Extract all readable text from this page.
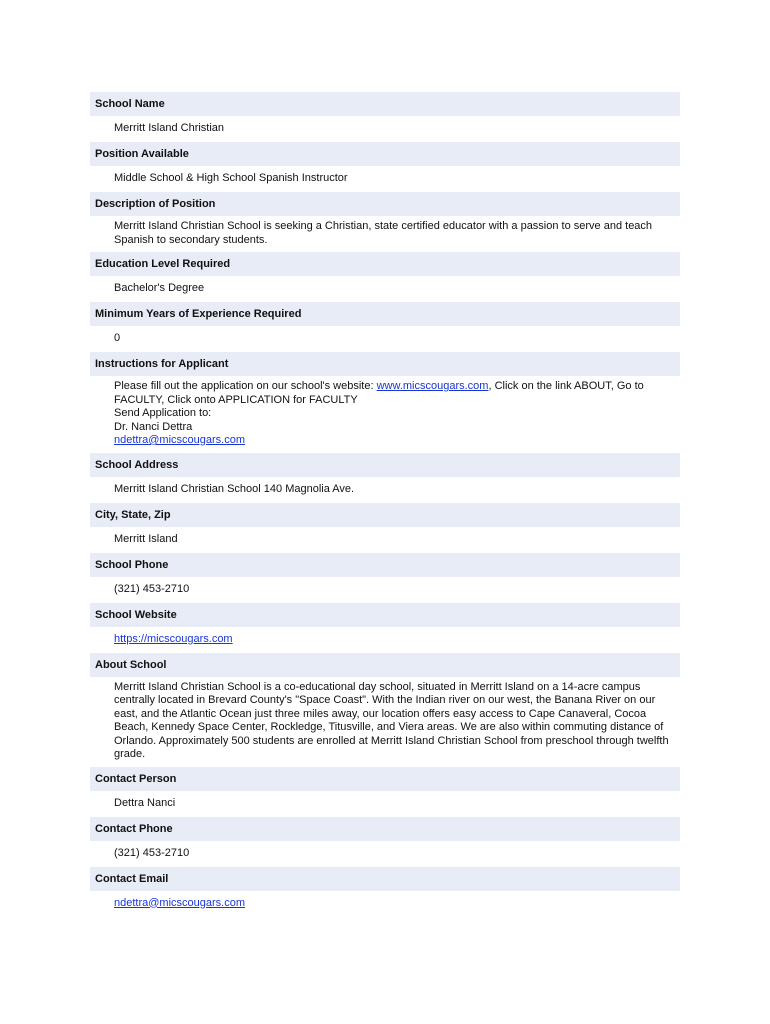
School Name
Merritt Island Christian
Position Available
Middle School & High School Spanish Instructor
Description of Position
Merritt Island Christian School is seeking a Christian, state certified educator with a passion to serve and teach Spanish to secondary students.
Education Level Required
Bachelor's Degree
Minimum Years of Experience Required
0
Instructions for Applicant
Please fill out the application on our school's website: www.micscougars.com, Click on the link ABOUT, Go to FACULTY, Click onto APPLICATION for FACULTY
Send Application to:
Dr. Nanci Dettra
ndettra@micscougars.com
School Address
Merritt Island Christian School 140 Magnolia Ave.
City, State, Zip
Merritt Island
School Phone
(321) 453-2710
School Website
https://micscougars.com
About School
Merritt Island Christian School is a co-educational day school, situated in Merritt Island on a 14-acre campus centrally located in Brevard County's "Space Coast". With the Indian river on our west, the Banana River on our east, and the Atlantic Ocean just three miles away, our location offers easy access to Cape Canaveral, Cocoa Beach, Kennedy Space Center, Rockledge, Titusville, and Viera areas. We are also within commuting distance of Orlando. Approximately 500 students are enrolled at Merritt Island Christian School from preschool through twelfth grade.
Contact Person
Dettra Nanci
Contact Phone
(321) 453-2710
Contact Email
ndettra@micscougars.com
